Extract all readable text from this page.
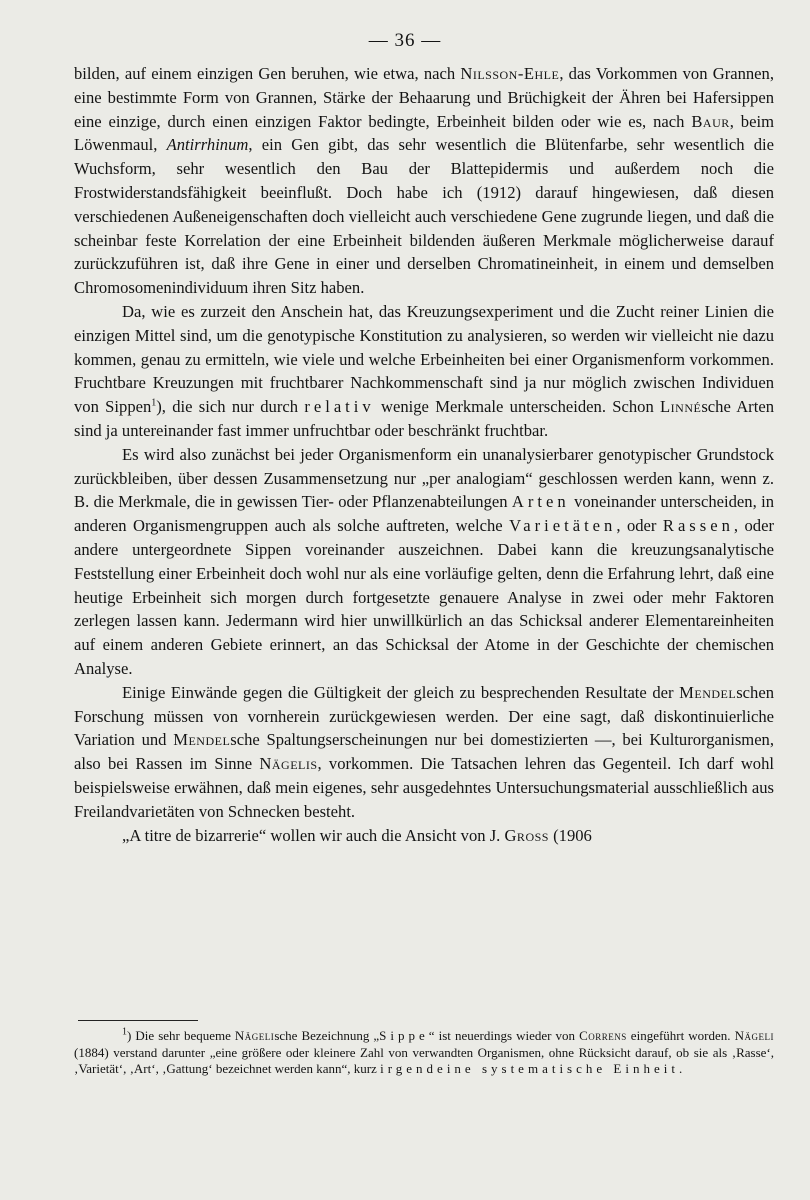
— 36 —

bilden, auf einem einzigen Gen beruhen, wie etwa, nach Nilsson-Ehle, das Vorkommen von Grannen, eine bestimmte Form von Grannen, Stärke der Behaarung und Brüchigkeit der Ähren bei Hafersippen eine einzige, durch einen einzigen Faktor bedingte, Erbeinheit bilden oder wie es, nach Baur, beim Löwenmaul, Antirrhinum, ein Gen gibt, das sehr wesentlich die Blütenfarbe, sehr wesentlich die Wuchsform, sehr wesentlich den Bau der Blattepidermis und außerdem noch die Frostwiderstandsfähigkeit beeinflußt. Doch habe ich (1912) darauf hingewiesen, daß diesen verschiedenen Außeneigenschaften doch vielleicht auch verschiedene Gene zugrunde liegen, und daß die scheinbar feste Korrelation der eine Erbeinheit bildenden äußeren Merkmale möglicherweise darauf zurückzuführen ist, daß ihre Gene in einer und derselben Chromatineinheit, in einem und demselben Chromosomenindividuum ihren Sitz haben.

Da, wie es zurzeit den Anschein hat, das Kreuzungsexperiment und die Zucht reiner Linien die einzigen Mittel sind, um die genotypische Konstitution zu analysieren, so werden wir vielleicht nie dazu kommen, genau zu ermitteln, wie viele und welche Erbeinheiten bei einer Organismenform vorkommen. Fruchtbare Kreuzungen mit fruchtbarer Nachkommenschaft sind ja nur möglich zwischen Individuen von Sippen$^1$), die sich nur durch relativ wenige Merkmale unterscheiden. Schon Linnésche Arten sind ja untereinander fast immer unfruchtbar oder beschränkt fruchtbar.

Es wird also zunächst bei jeder Organismenform ein unanalysierbarer genotypischer Grundstock zurückbleiben, über dessen Zusammensetzung nur „per analogiam“ geschlossen werden kann, wenn z. B. die Merkmale, die in gewissen Tier- oder Pflanzenabteilungen Arten voneinander unterscheiden, in anderen Organismengruppen auch als solche auftreten, welche Varietäten, oder Rassen, oder andere untergeordnete Sippen voreinander auszeichnen. Dabei kann die kreuzungsanalytische Feststellung einer Erbeinheit doch wohl nur als eine vorläufige gelten, denn die Erfahrung lehrt, daß eine heutige Erbeinheit sich morgen durch fortgesetzte genauere Analyse in zwei oder mehr Faktoren zerlegen lassen kann. Jedermann wird hier unwillkürlich an das Schicksal anderer Elementareinheiten auf einem anderen Gebiete erinnert, an das Schicksal der Atome in der Geschichte der chemischen Analyse.

Einige Einwände gegen die Gültigkeit der gleich zu besprechenden Resultate der Mendelschen Forschung müssen von vornherein zurückgewiesen werden. Der eine sagt, daß diskontinuierliche Variation und Mendelsche Spaltungserscheinungen nur bei domestizierten —, bei Kulturorganismen, also bei Rassen im Sinne Nägelis, vorkommen. Die Tatsachen lehren das Gegenteil. Ich darf wohl beispielsweise erwähnen, daß mein eigenes, sehr ausgedehntes Untersuchungsmaterial ausschließlich aus Freilandvarietäten von Schnecken besteht.

„A titre de bizarrerie“ wollen wir auch die Ansicht von J. Gross (1906

$^1$) Die sehr bequeme Nägelische Bezeichnung „Sippe“ ist neuerdings wieder von Correns eingeführt worden. Nägeli (1884) verstand darunter „eine größere oder kleinere Zahl von verwandten Organismen, ohne Rücksicht darauf, ob sie als ‚Rasse‘, ‚Varietät‘, ‚Art‘, ‚Gattung‘ bezeichnet werden kann“, kurz irgendeine systematische Einheit.
